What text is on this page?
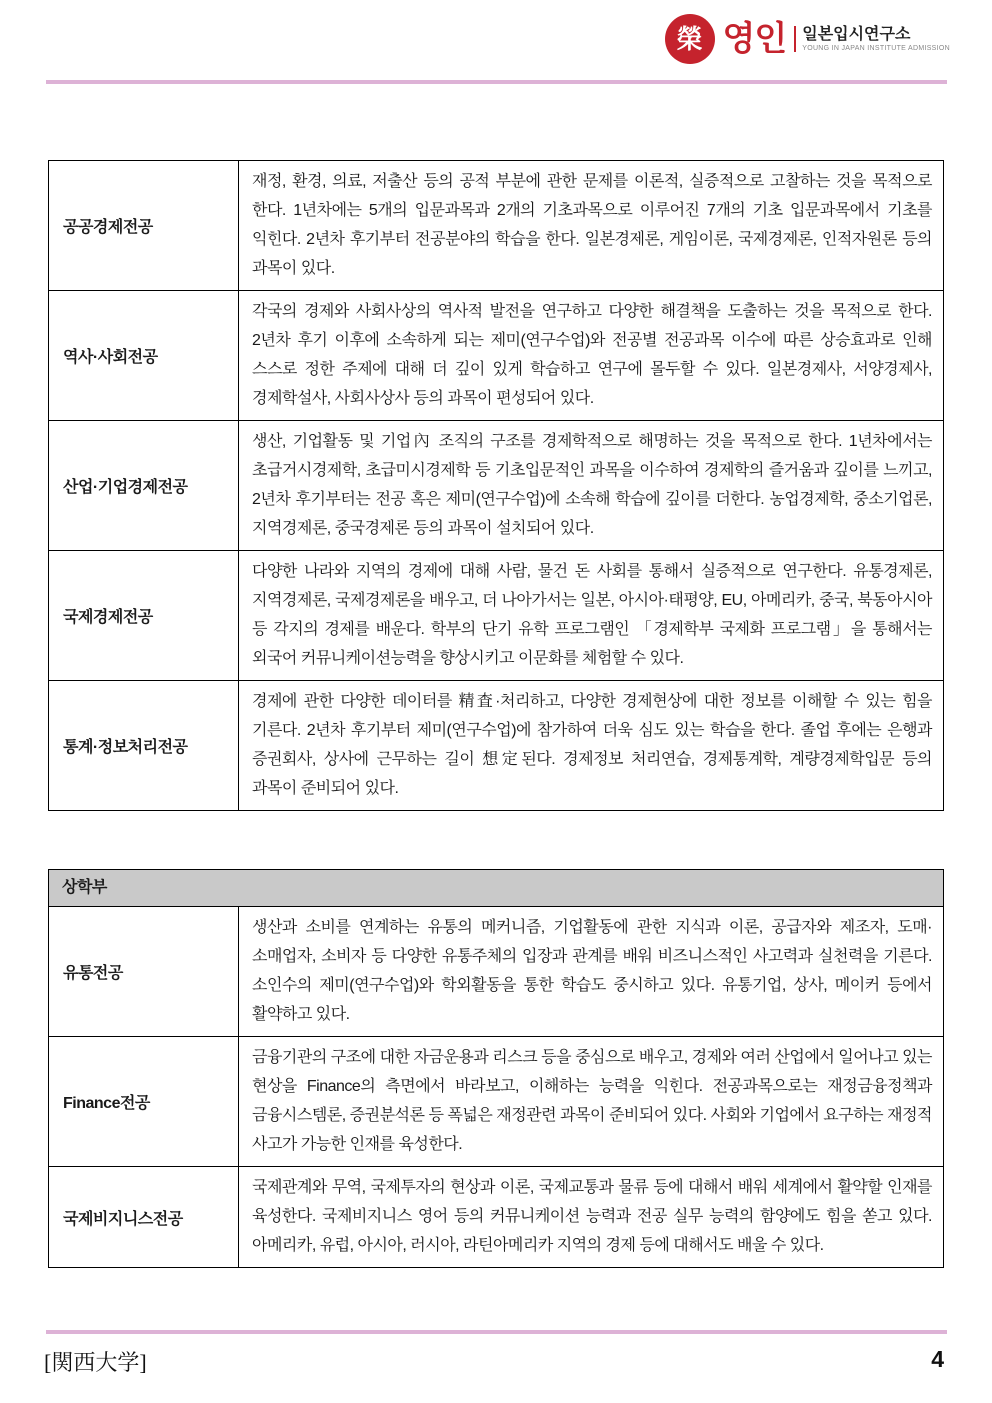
榮 영인 일본입시연구소
YOUNG IN JAPAN INSTITUTE ADMISSION
공공경제전공	재정, 환경, 의료, 저출산 등의 공적 부분에 관한 문제를 이론적, 실증적으로 고찰하는 것을 목적으로 한다. 1년차에는 5개의 입문과목과 2개의 기초과목으로 이루어진 7개의 기초 입문과목에서 기초를 익힌다. 2년차 후기부터 전공분야의 학습을 한다. 일본경제론, 게임이론, 국제경제론, 인적자원론 등의 과목이 있다.
역사·사회전공	각국의 경제와 사회사상의 역사적 발전을 연구하고 다양한 해결책을 도출하는 것을 목적으로 한다. 2년차 후기 이후에 소속하게 되는 제미(연구수업)와 전공별 전공과목 이수에 따른 상승효과로 인해 스스로 정한 주제에 대해 더 깊이 있게 학습하고 연구에 몰두할 수 있다. 일본경제사, 서양경제사, 경제학설사, 사회사상사 등의 과목이 편성되어 있다.
산업·기업경제전공	생산, 기업활동 및 기업內 조직의 구조를 경제학적으로 해명하는 것을 목적으로 한다. 1년차에서는 초급거시경제학, 초급미시경제학 등 기초입문적인 과목을 이수하여 경제학의 즐거움과 깊이를 느끼고, 2년차 후기부터는 전공 혹은 제미(연구수업)에 소속해 학습에 깊이를 더한다. 농업경제학, 중소기업론, 지역경제론, 중국경제론 등의 과목이 설치되어 있다.
국제경제전공	다양한 나라와 지역의 경제에 대해 사람, 물건 돈 사회를 통해서 실증적으로 연구한다. 유통경제론, 지역경제론, 국제경제론을 배우고, 더 나아가서는 일본, 아시아·태평양, EU, 아메리카, 중국, 북동아시아 등 각지의 경제를 배운다. 학부의 단기 유학 프로그램인 「경제학부 국제화 프로그램」을 통해서는 외국어 커뮤니케이션능력을 향상시키고 이문화를 체험할 수 있다.
통계·정보처리전공	경제에 관한 다양한 데이터를 精査·처리하고, 다양한 경제현상에 대한 정보를 이해할 수 있는 힘을 기른다. 2년차 후기부터 제미(연구수업)에 참가하여 더욱 심도 있는 학습을 한다. 졸업 후에는 은행과 증권회사, 상사에 근무하는 길이 想定된다. 경제정보 처리연습, 경제통계학, 계량경제학입문 등의 과목이 준비되어 있다.
상학부
유통전공	생산과 소비를 연계하는 유통의 메커니즘, 기업활동에 관한 지식과 이론, 공급자와 제조자, 도매·소매업자, 소비자 등 다양한 유통주체의 입장과 관계를 배워 비즈니스적인 사고력과 실천력을 기른다. 소인수의 제미(연구수업)와 학외활동을 통한 학습도 중시하고 있다. 유통기업, 상사, 메이커 등에서 활약하고 있다.
Finance전공	금융기관의 구조에 대한 자금운용과 리스크 등을 중심으로 배우고, 경제와 여러 산업에서 일어나고 있는 현상을 Finance의 측면에서 바라보고, 이해하는 능력을 익힌다. 전공과목으로는 재정금융정책과 금융시스템론, 증권분석론 등 폭넓은 재정관련 과목이 준비되어 있다. 사회와 기업에서 요구하는 재정적 사고가 가능한 인재를 육성한다.
국제비지니스전공	국제관계와 무역, 국제투자의 현상과 이론, 국제교통과 물류 등에 대해서 배워 세계에서 활약할 인재를 육성한다. 국제비지니스 영어 등의 커뮤니케이션 능력과 전공 실무 능력의 함양에도 힘을 쏟고 있다. 아메리카, 유럽, 아시아, 러시아, 라틴아메리카 지역의 경제 등에 대해서도 배울 수 있다.
[関西大学]	4
